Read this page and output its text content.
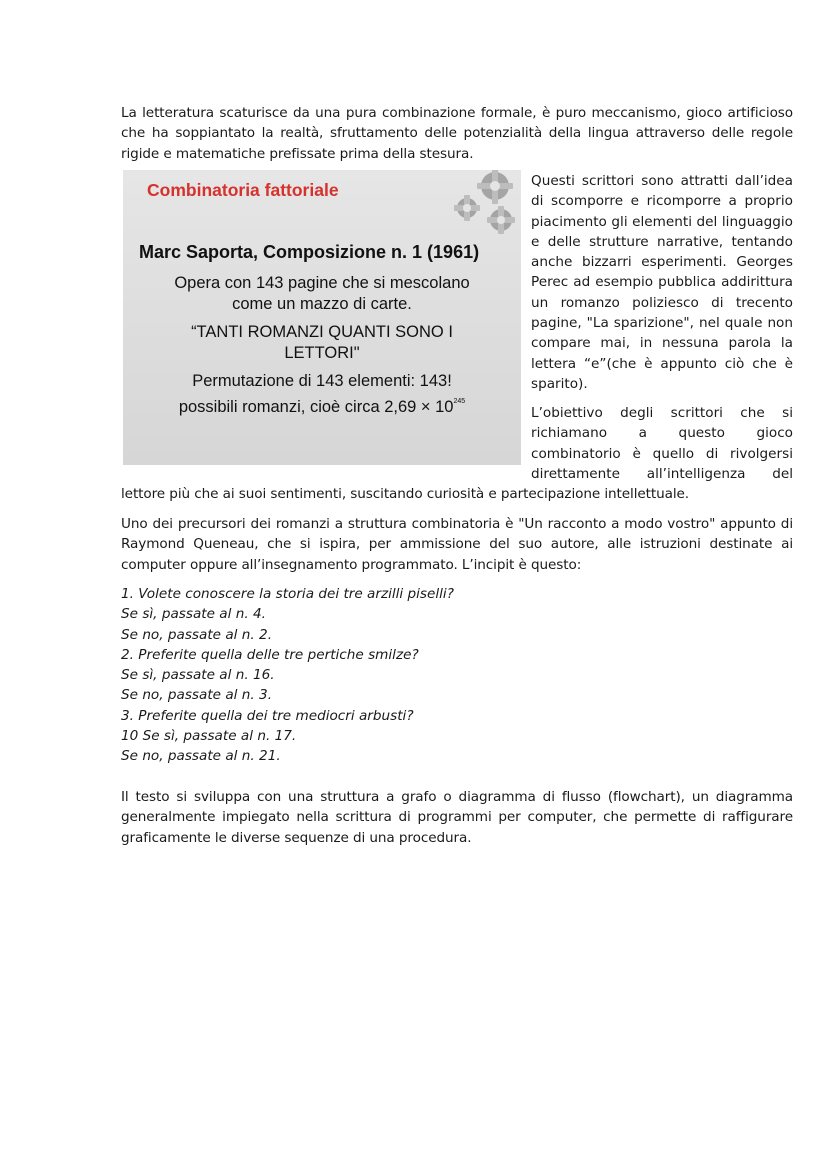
La letteratura scaturisce da una pura combinazione formale, è puro meccanismo, gioco artificioso che ha soppiantato la realtà, sfruttamento delle potenzialità della lingua attraverso delle regole rigide e matematiche prefissate prima della stesura.

Combinatoria fattoriale
Marc Saporta, Composizione n. 1 (1961)
Opera con 143 pagine che si mescolano
come un mazzo di carte.
“TANTI ROMANZI QUANTI SONO I
LETTORI"
Permutazione di 143 elementi: 143!
possibili romanzi, cioè circa $2,69 \times 10^{245}$

Questi scrittori sono attratti dall’idea di scomporre e ricomporre a proprio piacimento gli elementi del linguaggio e delle strutture narrative, tentando anche bizzarri esperimenti. Georges Perec ad esempio pubblica addirittura un romanzo poliziesco di trecento pagine, "La sparizione", nel quale non compare mai, in nessuna parola la lettera “e”(che è appunto ciò che è sparito).

L’obiettivo degli scrittori che si richiamano a questo gioco combinatorio è quello di rivolgersi direttamente all’intelligenza del

lettore più che ai suoi sentimenti, suscitando curiosità e partecipazione intellettuale.

Uno dei precursori dei romanzi a struttura combinatoria è "Un racconto a modo vostro" appunto di Raymond Queneau, che si ispira, per ammissione del suo autore, alle istruzioni destinate ai computer oppure all’insegnamento programmato. L’incipit è questo:

1. Volete conoscere la storia dei tre arzilli piselli?
Se sì, passate al n. 4.
Se no, passate al n. 2.
2. Preferite quella delle tre pertiche smilze?
Se sì, passate al n. 16.
Se no, passate al n. 3.
3. Preferite quella dei tre mediocri arbusti?
10 Se sì, passate al n. 17.
Se no, passate al n. 21.

Il testo si sviluppa con una struttura a grafo o diagramma di flusso (flowchart), un diagramma generalmente impiegato nella scrittura di programmi per computer, che permette di raffigurare graficamente le diverse sequenze di una procedura.
